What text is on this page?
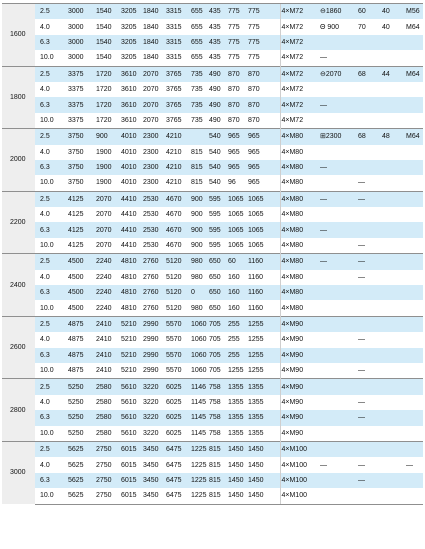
1600	2.5	3000	1540	3205	1840	3315	655	435	775	775	4×M72	⊖1860	60	40	M56
	4.0	3000	1540	3205	1840	3315	655	435	775	775	4×M72	Θ 900	70	40	M64
	6.3	3000	1540	3205	1840	3315	655	435	775	775	4×M72				
	10.0	3000	1540	3205	1840	3315	655	435	775	775	4×M72	—			
1800	2.5	3375	1720	3610	2070	3765	735	490	870	870	4×M72	⊖2070	68	44	M64
	4.0	3375	1720	3610	2070	3765	735	490	870	870	4×M72				
	6.3	3375	1720	3610	2070	3765	735	490	870	870	4×M72	—			
	10.0	3375	1720	3610	2070	3765	735	490	870	870	4×M72				
2000	2.5	3750	900	4010	2300	4210		540	965	965	4×M80	⊞2300	68	48	M64
	4.0	3750	1900	4010	2300	4210	815	540	965	965	4×M80				
	6.3	3750	1900	4010	2300	4210	815	540	965	965	4×M80	—			
	10.0	3750	1900	4010	2300	4210	815	540	96	965	4×M80		—		
2200	2.5	4125	2070	4410	2530	4670	900	595	1065	1065	4×M80	—	—		
	4.0	4125	2070	4410	2530	4670	900	595	1065	1065	4×M80				
	6.3	4125	2070	4410	2530	4670	900	595	1065	1065	4×M80	—			
	10.0	4125	2070	4410	2530	4670	900	595	1065	1065	4×M80		—		
2400	2.5	4500	2240	4810	2760	5120	980	650	60	1160	4×M80	—	—		
	4.0	4500	2240	4810	2760	5120	980	650	160	1160	4×M80		—		
	6.3	4500	2240	4810	2760	5120	0	650	160	1160	4×M80				
	10.0	4500	2240	4810	2760	5120	980	650	160	1160	4×M80				
2600	2.5	4875	2410	5210	2990	5570	1060	705	255	1255	4×M90				
	4.0	4875	2410	5210	2990	5570	1060	705	255	1255	4×M90		—		
	6.3	4875	2410	5210	2990	5570	1060	705	255	1255	4×M90				
	10.0	4875	2410	5210	2990	5570	1060	705	1255	1255	4×M90		—		
2800	2.5	5250	2580	5610	3220	6025	1146	758	1355	1355	4×M90				
	4.0	5250	2580	5610	3220	6025	1145	758	1355	1355	4×M90		—		
	6.3	5250	2580	5610	3220	6025	1145	758	1355	1355	4×M90		—		
	10.0	5250	2580	5610	3220	6025	1145	758	1355	1355	4×M90				
3000	2.5	5625	2750	6015	3450	6475	1225	815	1450	1450	4×M100				
	4.0	5625	2750	6015	3450	6475	1225	815	1450	1450	4×M100	—	—		—
	6.3	5625	2750	6015	3450	6475	1225	815	1450	1450	4×M100		—		
	10.0	5625	2750	6015	3450	6475	1225	815	1450	1450	4×M100				
